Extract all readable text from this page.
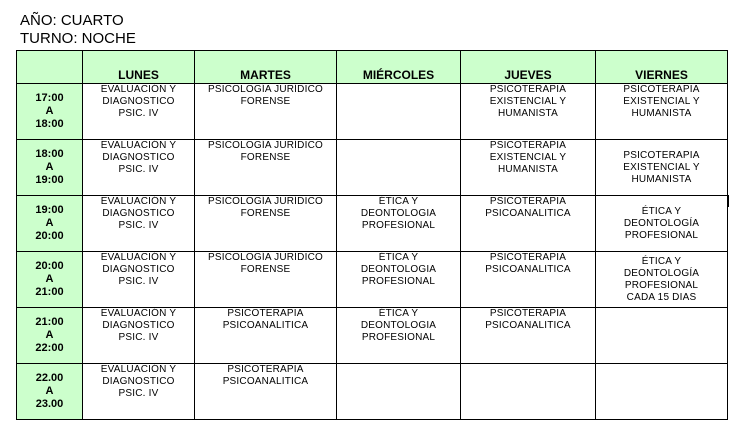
AÑO: CUARTO
TURNO: NOCHE
	LUNES	MARTES	MIÉRCOLES	JUEVES	VIERNES

17:00
A
18:00	EVALUACIÓN Y
DIAGNOSTICO
PSIC. IV	PSICOLOGÍA JURÍDICO
FORENSE		PSICOTERAPIA
EXISTENCIAL Y
HUMANISTA	PSICOTERAPIA
EXISTENCIAL Y
HUMANISTA

18:00
A
19:00	EVALUACIÓN Y
DIAGNOSTICO
PSIC. IV	PSICOLOGÍA JURÍDICO
FORENSE		PSICOTERAPIA
EXISTENCIAL Y
HUMANISTA	PSICOTERAPIA
EXISTENCIAL Y
HUMANISTA

19:00
A
20:00	EVALUACIÓN Y
DIAGNOSTICO
PSIC. IV	PSICOLOGÍA JURÍDICO
FORENSE	ÉTICA Y
DEONTOLOGIA
PROFESIONAL	PSICOTERAPIA
PSICOANALITICA	ÉTICA Y
DEONTOLOGÍA
PROFESIONAL

20:00
A
21:00	EVALUACIÓN Y
DIAGNOSTICO
PSIC. IV	PSICOLOGÍA JURÍDICO
FORENSE	ÉTICA Y
DEONTOLOGIA
PROFESIONAL	PSICOTERAPIA
PSICOANALITICA	ÉTICA Y
DEONTOLOGÍA
PROFESIONAL
CADA 15 DIAS

21:00
A
22:00	EVALUACIÓN Y
DIAGNOSTICO
PSIC. IV	PSICOTERAPIA
PSICOANALITICA	ÉTICA Y
DEONTOLOGIA
PROFESIONAL	PSICOTERAPIA
PSICOANALITICA	

22.00
A
23.00	EVALUACIÓN Y
DIAGNOSTICO
PSIC. IV	PSICOTERAPIA
PSICOANALITICA			
